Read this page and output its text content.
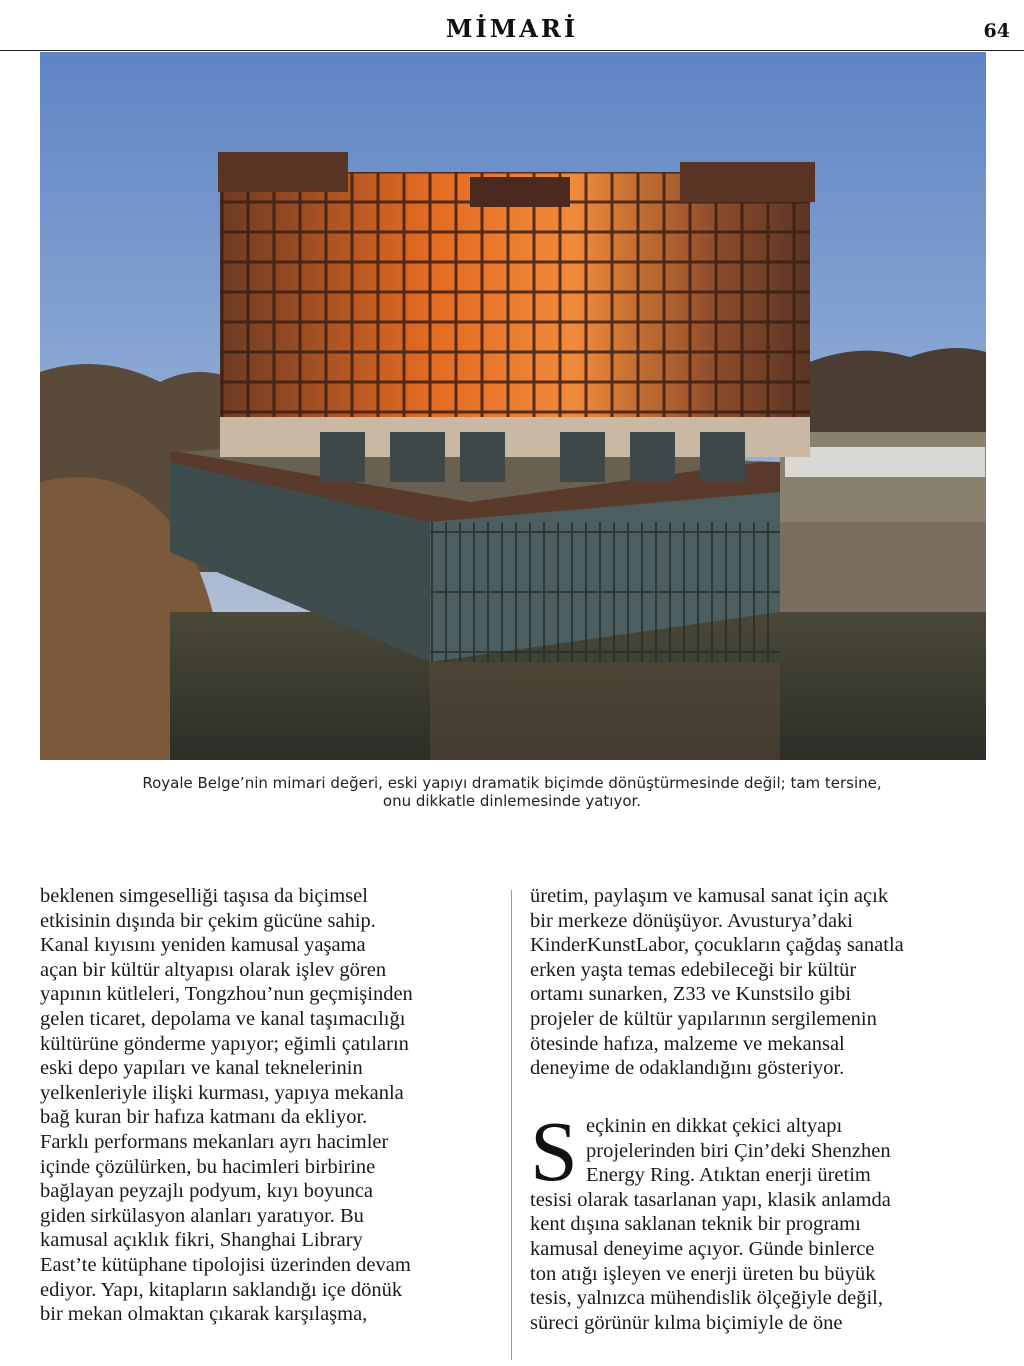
MİMARİ	64
Royale Belge’nin mimari değeri, eski yapıyı dramatik biçimde dönüştürmesinde değil; tam tersine,
onu dikkatle dinlemesinde yatıyor.
beklenen simgeselliği taşısa da biçimsel
etkisinin dışında bir çekim gücüne sahip.
Kanal kıyısını yeniden kamusal yaşama
açan bir kültür altyapısı olarak işlev gören
yapının kütleleri, Tongzhou’nun geçmişinden
gelen ticaret, depolama ve kanal taşımacılığı
kültürüne gönderme yapıyor; eğimli çatıların
eski depo yapıları ve kanal teknelerinin
yelkenleriyle ilişki kurması, yapıya mekanla
bağ kuran bir hafıza katmanı da ekliyor.
Farklı performans mekanları ayrı hacimler
içinde çözülürken, bu hacimleri birbirine
bağlayan peyzajlı podyum, kıyı boyunca
giden sirkülasyon alanları yaratıyor. Bu
kamusal açıklık fikri, Shanghai Library
East’te kütüphane tipolojisi üzerinden devam
ediyor. Yapı, kitapların saklandığı içe dönük
bir mekan olmaktan çıkarak karşılaşma,
üretim, paylaşım ve kamusal sanat için açık
bir merkeze dönüşüyor. Avusturya’daki
KinderKunstLabor, çocukların çağdaş sanatla
erken yaşta temas edebileceği bir kültür
ortamı sunarken, Z33 ve Kunstsilo gibi
projeler de kültür yapılarının sergilemenin
ötesinde hafıza, malzeme ve mekansal
deneyime de odaklandığını gösteriyor.
S eçkinin en dikkat çekici altyapı
projelerinden biri Çin’deki Shenzhen
Energy Ring. Atıktan enerji üretim
tesisi olarak tasarlanan yapı, klasik anlamda
kent dışına saklanan teknik bir programı
kamusal deneyime açıyor. Günde binlerce
ton atığı işleyen ve enerji üreten bu büyük
tesis, yalnızca mühendislik ölçeğiyle değil,
süreci görünür kılma biçimiyle de öne
